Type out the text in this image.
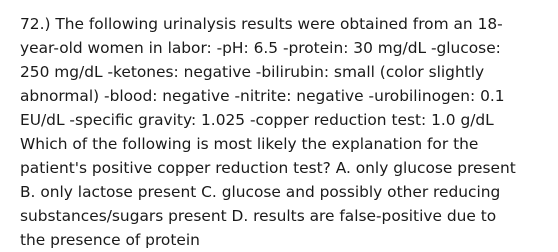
72.) The following urinalysis results were obtained from an 18-
year-old women in labor: -pH: 6.5 -protein: 30 mg/dL -glucose:
250 mg/dL -ketones: negative -bilirubin: small (color slightly
abnormal) -blood: negative -nitrite: negative -urobilinogen: 0.1
EU/dL -specific gravity: 1.025 -copper reduction test: 1.0 g/dL
Which of the following is most likely the explanation for the
patient's positive copper reduction test? A. only glucose present
B. only lactose present C. glucose and possibly other reducing
substances/sugars present D. results are false-positive due to
the presence of protein
